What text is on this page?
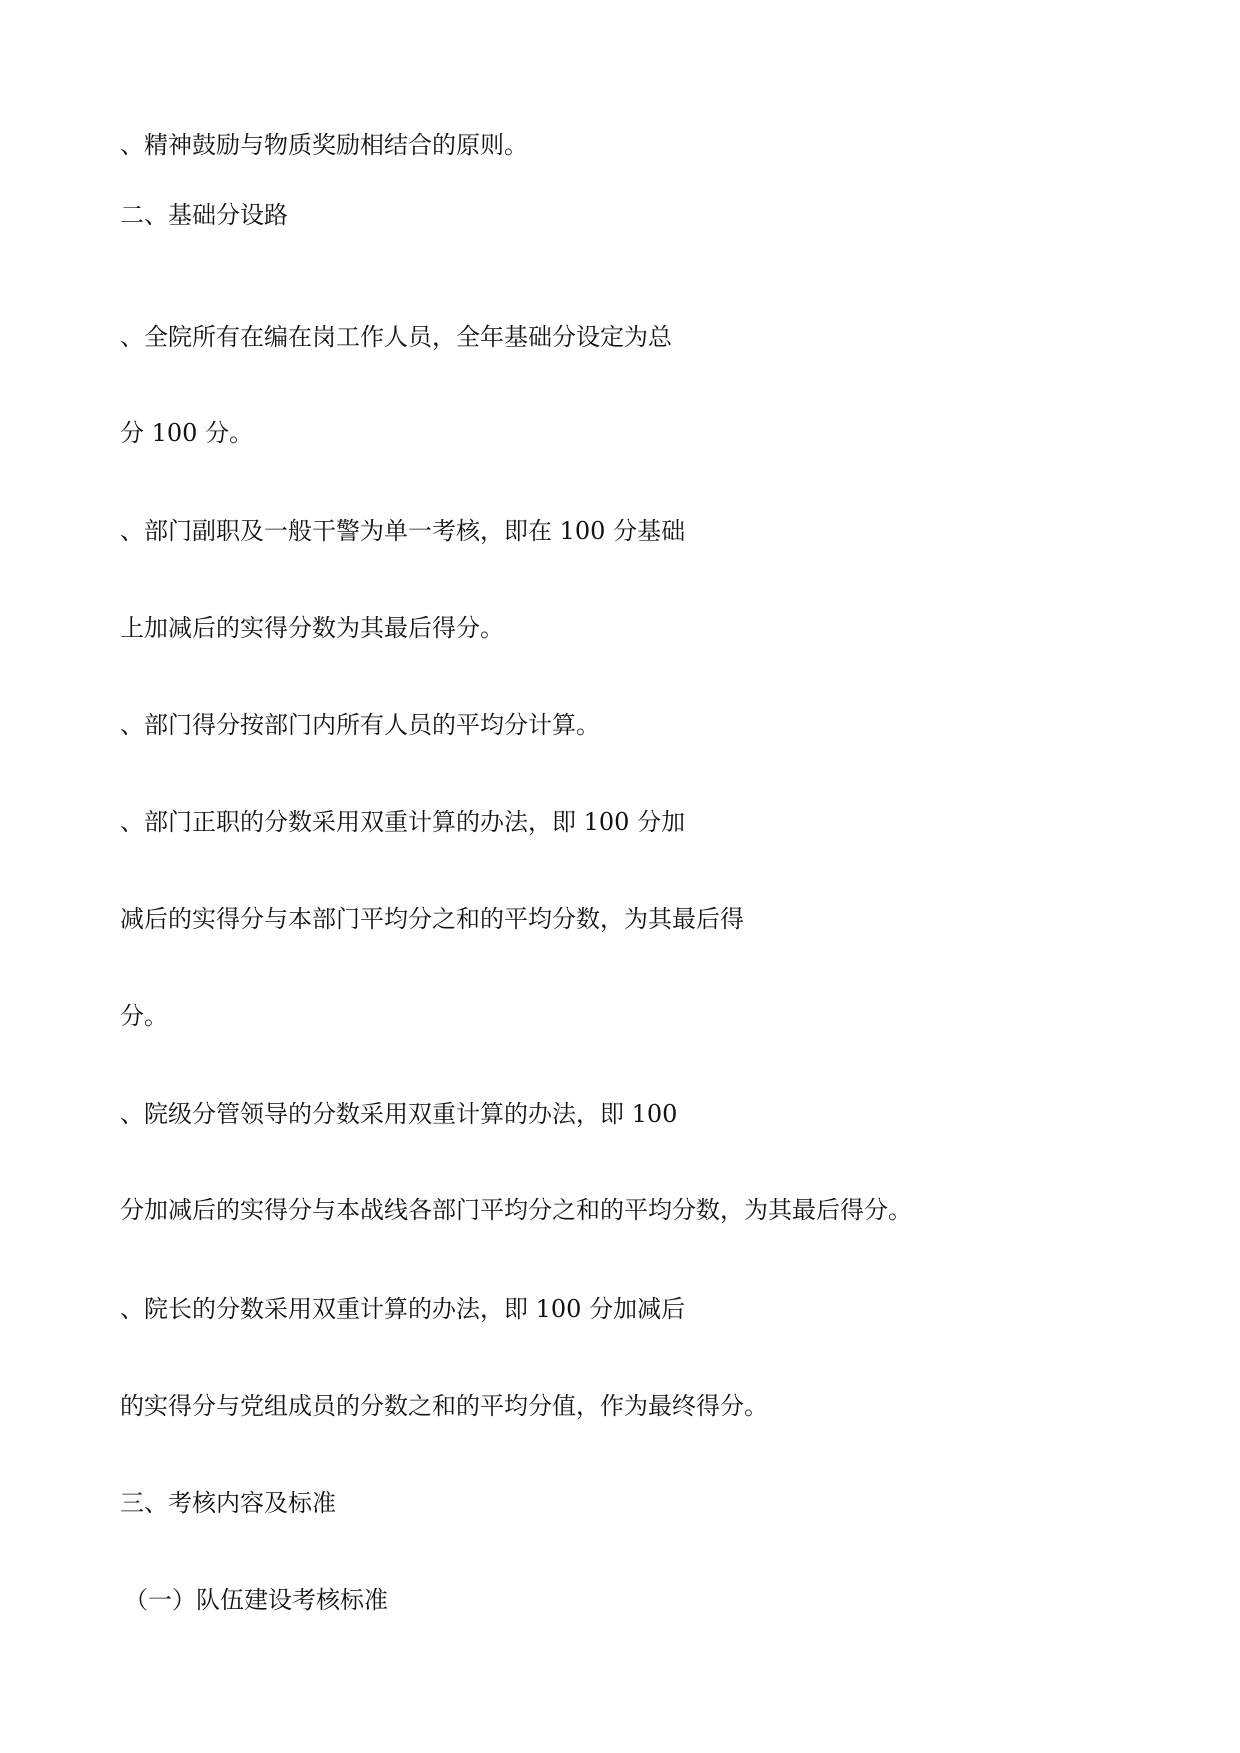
、精神鼓励与物质奖励相结合的原则。
二、基础分设路
、全院所有在编在岗工作人员，全年基础分设定为总
分 100 分。
、部门副职及一般干警为单一考核，即在 100 分基础
上加减后的实得分数为其最后得分。
、部门得分按部门内所有人员的平均分计算。
、部门正职的分数采用双重计算的办法，即 100 分加
减后的实得分与本部门平均分之和的平均分数，为其最后得
分。
、院级分管领导的分数采用双重计算的办法，即 100
分加减后的实得分与本战线各部门平均分之和的平均分数，为其最后得分。
、院长的分数采用双重计算的办法，即 100 分加减后
的实得分与党组成员的分数之和的平均分值，作为最终得分。
三、考核内容及标准
（一）队伍建设考核标准
